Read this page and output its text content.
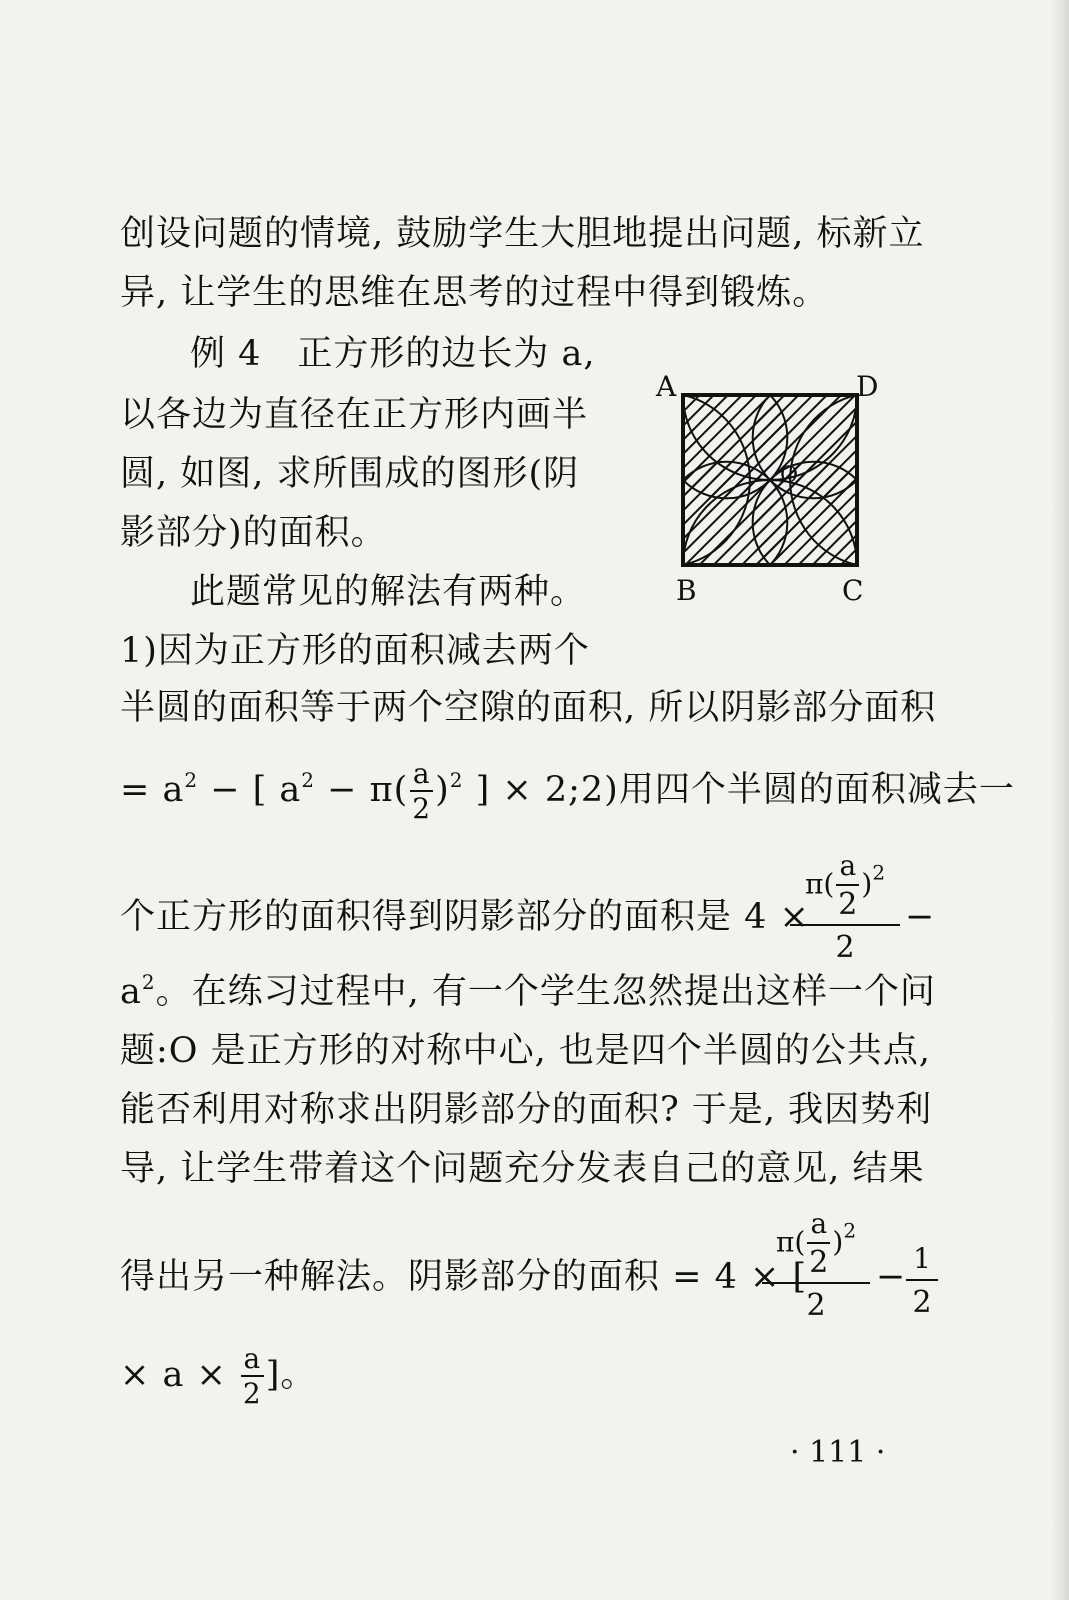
创设问题的情境, 鼓励学生大胆地提出问题, 标新立
异, 让学生的思维在思考的过程中得到锻炼。
例 4　正方形的边长为 a,
以各边为直径在正方形内画半
圆, 如图, 求所围成的图形(阴
影部分)的面积。
此题常见的解法有两种。
1)因为正方形的面积减去两个
半圆的面积等于两个空隙的面积, 所以阴影部分面积
= $a^2$ − [ $a^2 - \pi( \frac{a}{2} )^2$ ] × 2;2)用四个半圆的面积减去一
个正方形的面积得到阴影部分的面积是 4 ×
$\frac{\pi( \frac{a}{2} )^2}{2}$ −
$a^2$。在练习过程中, 有一个学生忽然提出这样一个问
题:O 是正方形的对称中心, 也是四个半圆的公共点,
能否利用对称求出阴影部分的面积? 于是, 我因势利
导, 让学生带着这个问题充分发表自己的意见, 结果
得出另一种解法。阴影部分的面积 = 4 × [
$\frac{\pi( \frac{a}{2} )^2}{2} - \frac{1}{2}$
× $a \times \frac{a}{2}$ ]。
A	D
B	C
· 111 ·
